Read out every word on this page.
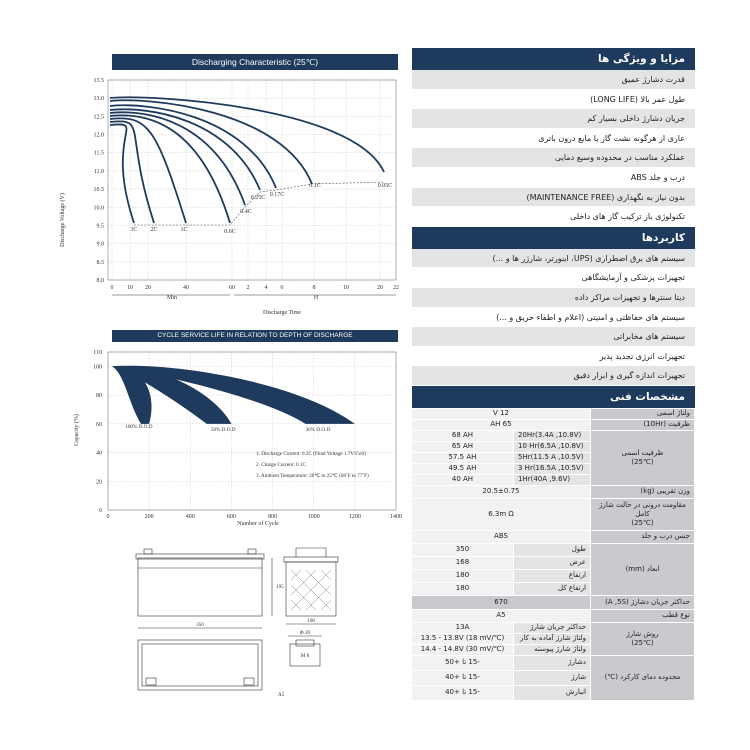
Discharging Characteristic (25℃)
13.5
13.0
12.5
12.0
11.5
11.0
10.5
10.0
9.5
9.0
8.5
8.0
0 10 20	40	60 2	4 6	8	10	20 22
3C 2C	1C	0.6C
0.4C
0.25C 0.17C
0.1C	0.05C
Discharge Voltage (V)
Min	H
Discharge Time
CYCLE SERVICE LIFE IN RELATION TO DEPTH OF DISCHARGE
110
100
80
60
40
20
0
0	200	400	600	800	1000	1200	1400
100% D.O.D	50% D.O.D	30% D.O.D
Capacity (%)
Number of Cycle
1. Discharge Current: 0.2C (Final Voltage 1.7V/Cell)
2. Charge Current: 0.1C
3. Ambient Temperature: 20℃ to 25℃ (68˚F to 77˚F)
350
168
195
Φ 20
M 8
A5
مزایا و ویژگی ها
قدرت دشارژ عمیق
طول عمر بالا (LONG LIFE)
جریان دشارژ داخلی بسیار کم
عاری از هرگونه نشت گاز یا مایع درون باتری
عملکرد مناسب در محدوده وسیع دمایی
درب و جلد ABS
بدون نیاز به نگهداری (MAINTENANCE FREE)
تکنولوژی باز ترکیب گاز های داخلی
کاربردها
سیستم های برق اضطراری (UPS، اینورتر، شارژر ها و ...)
تجهیزات پزشکی و آزمایشگاهی
دیتا سنترها و تجهیزات مراکز داده
سیستم های حفاظتی و امنیتی (اعلام و اطفاء حریق و ...)
سیستم های مخابراتی
تجهیزات انرژی تجدید پذیر
تجهیزات اندازه گیری و ابزار دقیق
مشخصات فنی
ولتاژ اسمی	12 V	
ظرفیت (10Hr)	65 AH	

ظرفیت اسمی
(25℃)	20Hr(3.4A ,10.8V)	68 AH
	10 Hr(6.5A ,10.8V)	65 AH
	5Hr(11.5 A ,10.5V)	57.5 AH
	3 Hr(16.5A ,10.5V)	49.5 AH
	1Hr(40A ,9.6V)	40 AH
وزن تقریبی (kg)	20.5±0.75	

مقاومت درونی در حالت شارژ کامل
(25℃)	6.3m Ω	
جنس درب و جلد	ABS	
ابعاد (mm)	طول	350
	عرض	168
	ارتفاع	180
	ارتفاع کل	180
حداکثر جریان دشارژ (A ,5S)	670	
نوع قطب	A5	

روش شارژ
(25℃)	حداکثر جریان شارژ	13A
	ولتاژ شارژ آماده به کار	13.5 - 13.8V (18 mV/℃)
	ولتاژ شارژ پیوسته	14.4 - 14.8V (30 mV/℃)
محدوده دمای کارکرد (℃)	دشارژ	-15 تا +50
	شارژ	-15 تا +40
	انبارش	-15 تا +40
